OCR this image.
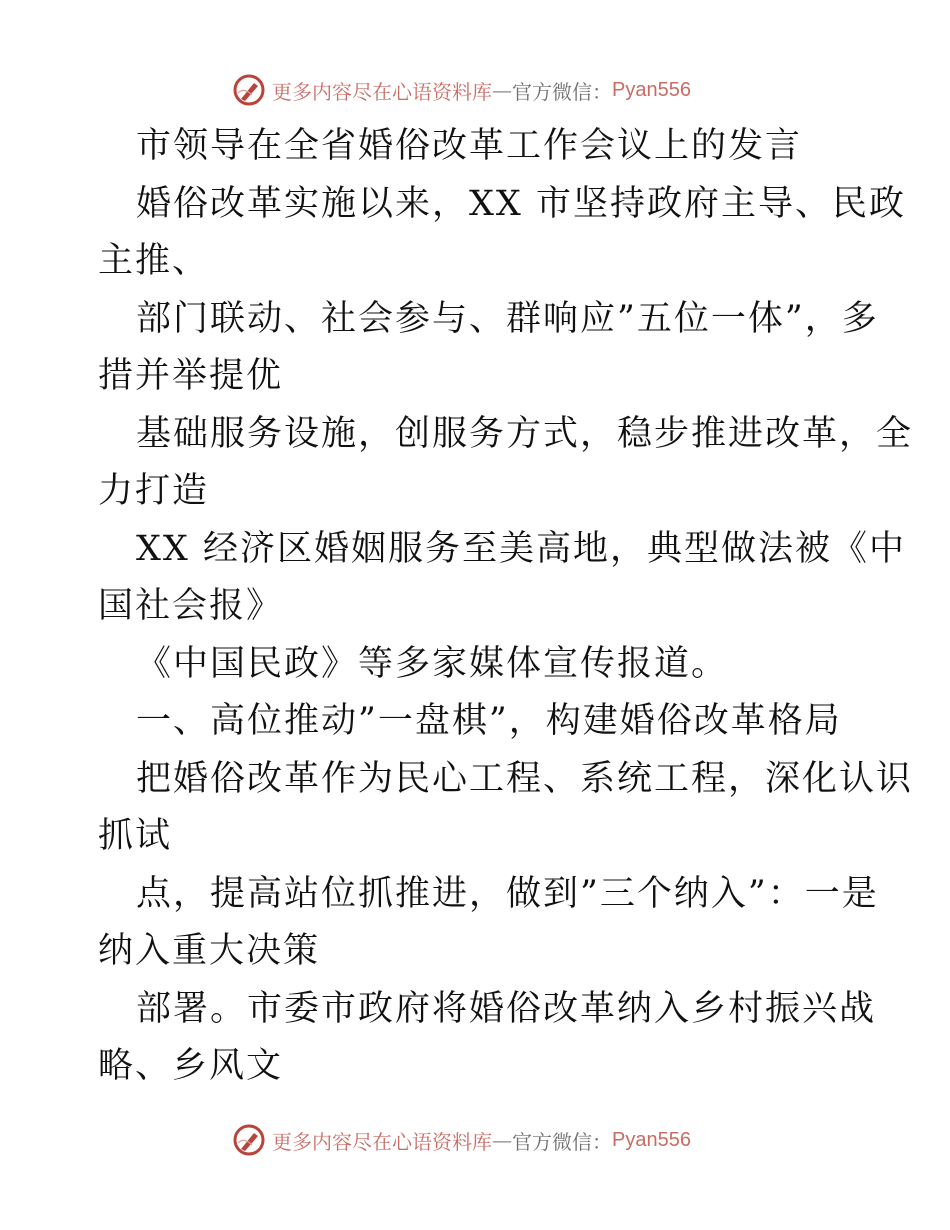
更多内容尽在心语资料库 — 官方微信： Pyan556
市领导在全省婚俗改革工作会议上的发言
婚俗改革实施以来，XX 市坚持政府主导、民政
主推、
部门联动、社会参与、群响应”五位一体”，多
措并举提优
基础服务设施，创服务方式，稳步推进改革，全
力打造
XX 经济区婚姻服务至美高地，典型做法被《中
国社会报》
《中国民政》等多家媒体宣传报道。
一、高位推动”一盘棋”，构建婚俗改革格局
把婚俗改革作为民心工程、系统工程，深化认识
抓试
点，提高站位抓推进，做到”三个纳入”：一是
纳入重大决策
部署。市委市政府将婚俗改革纳入乡村振兴战
略、乡风文
更多内容尽在心语资料库 — 官方微信： Pyan556
